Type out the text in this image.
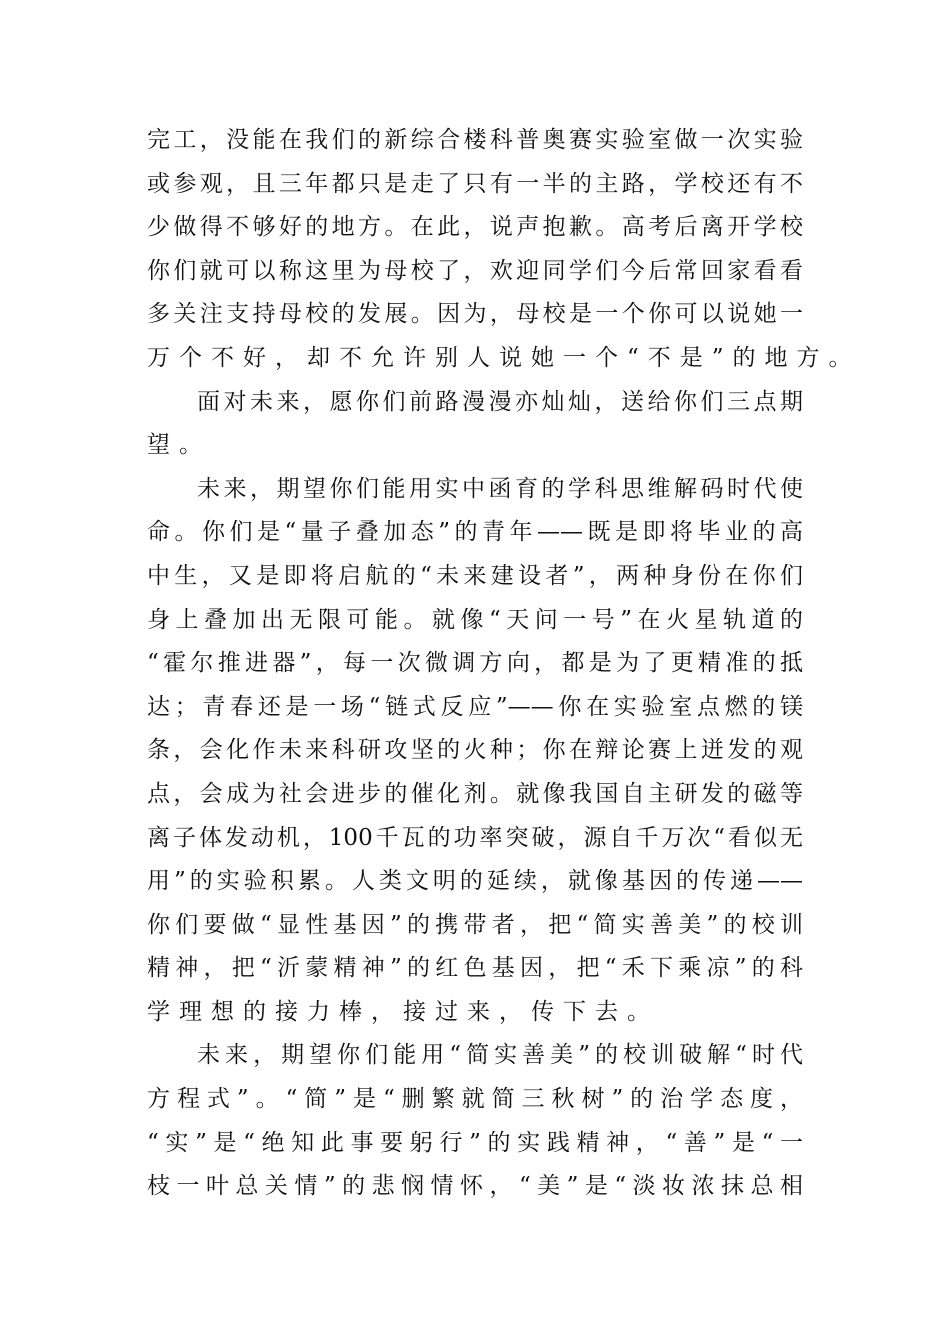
完工，没能在我们的新综合楼科普奥赛实验室做一次实验
或参观，且三年都只是走了只有一半的主路，学校还有不
少做得不够好的地方。在此，说声抱歉。高考后离开学校
你们就可以称这里为母校了，欢迎同学们今后常回家看看
多关注支持母校的发展。因为，母校是一个你可以说她一
万个不好，却不允许别人说她一个“不是”的地方。
面对未来，愿你们前路漫漫亦灿灿，送给你们三点期
望。
未来，期望你们能用实中函育的学科思维解码时代使
命。你们是“量子叠加态”的青年——既是即将毕业的高
中生，又是即将启航的“未来建设者”，两种身份在你们
身上叠加出无限可能。就像“天问一号”在火星轨道的
“霍尔推进器”，每一次微调方向，都是为了更精准的抵
达；青春还是一场“链式反应”——你在实验室点燃的镁
条，会化作未来科研攻坚的火种；你在辩论赛上迸发的观
点，会成为社会进步的催化剂。就像我国自主研发的磁等
离子体发动机，100千瓦的功率突破，源自千万次“看似无
用”的实验积累。人类文明的延续，就像基因的传递——
你们要做“显性基因”的携带者，把“简实善美”的校训
精神，把“沂蒙精神”的红色基因，把“禾下乘凉”的科
学理想的接力棒，接过来，传下去。
未来，期望你们能用“简实善美”的校训破解“时代
方程式”。“简”是“删繁就简三秋树”的治学态度，
“实”是“绝知此事要躬行”的实践精神，“善”是“一
枝一叶总关情”的悲悯情怀，“美”是“淡妆浓抹总相
